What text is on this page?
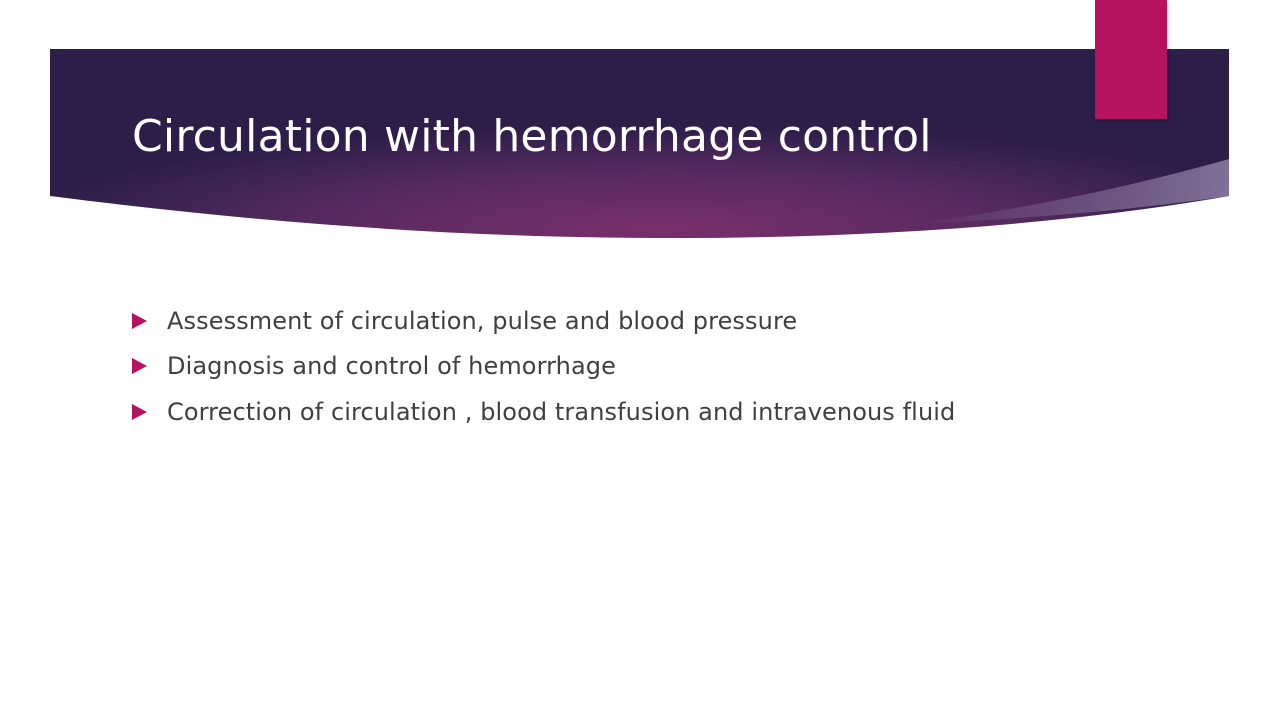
Circulation with hemorrhage control
Assessment of circulation, pulse and blood pressure
Diagnosis and control of hemorrhage
Correction of circulation , blood transfusion and intravenous fluid
